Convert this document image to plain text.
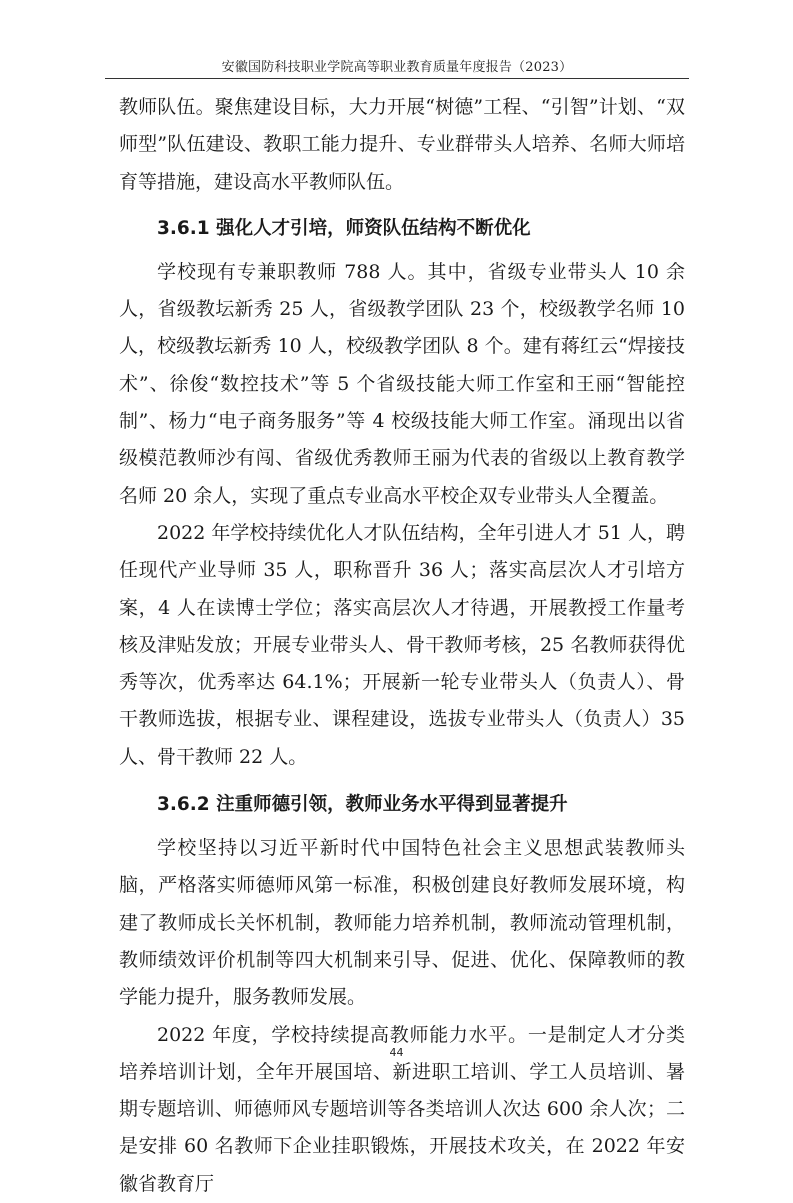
安徽国防科技职业学院高等职业教育质量年度报告（2023）

教师队伍。聚焦建设目标，大力开展“树德”工程、“引智”计划、“双师型”队伍建设、教职工能力提升、专业群带头人培养、名师大师培育等措施，建设高水平教师队伍。

3.6.1 强化人才引培，师资队伍结构不断优化

学校现有专兼职教师 788 人。其中，省级专业带头人 10 余人，省级教坛新秀 25 人，省级教学团队 23 个，校级教学名师 10 人，校级教坛新秀 10 人，校级教学团队 8 个。建有蒋红云“焊接技术”、徐俊“数控技术”等 5 个省级技能大师工作室和王丽“智能控制”、杨力“电子商务服务”等 4 校级技能大师工作室。涌现出以省级模范教师沙有闯、省级优秀教师王丽为代表的省级以上教育教学名师 20 余人，实现了重点专业高水平校企双专业带头人全覆盖。

2022 年学校持续优化人才队伍结构，全年引进人才 51 人，聘任现代产业导师 35 人，职称晋升 36 人；落实高层次人才引培方案，4 人在读博士学位；落实高层次人才待遇，开展教授工作量考核及津贴发放；开展专业带头人、骨干教师考核，25 名教师获得优秀等次，优秀率达 64.1%；开展新一轮专业带头人（负责人）、骨干教师选拔，根据专业、课程建设，选拔专业带头人（负责人）35 人、骨干教师 22 人。

3.6.2 注重师德引领，教师业务水平得到显著提升

学校坚持以习近平新时代中国特色社会主义思想武装教师头脑，严格落实师德师风第一标准，积极创建良好教师发展环境，构建了教师成长关怀机制，教师能力培养机制，教师流动管理机制，教师绩效评价机制等四大机制来引导、促进、优化、保障教师的教学能力提升，服务教师发展。

2022 年度，学校持续提高教师能力水平。一是制定人才分类培养培训计划，全年开展国培、新进职工培训、学工人员培训、暑期专题培训、师德师风专题培训等各类培训人次达 600 余人次；二是安排 60 名教师下企业挂职锻炼，开展技术攻关，在 2022 年安徽省教育厅

44
